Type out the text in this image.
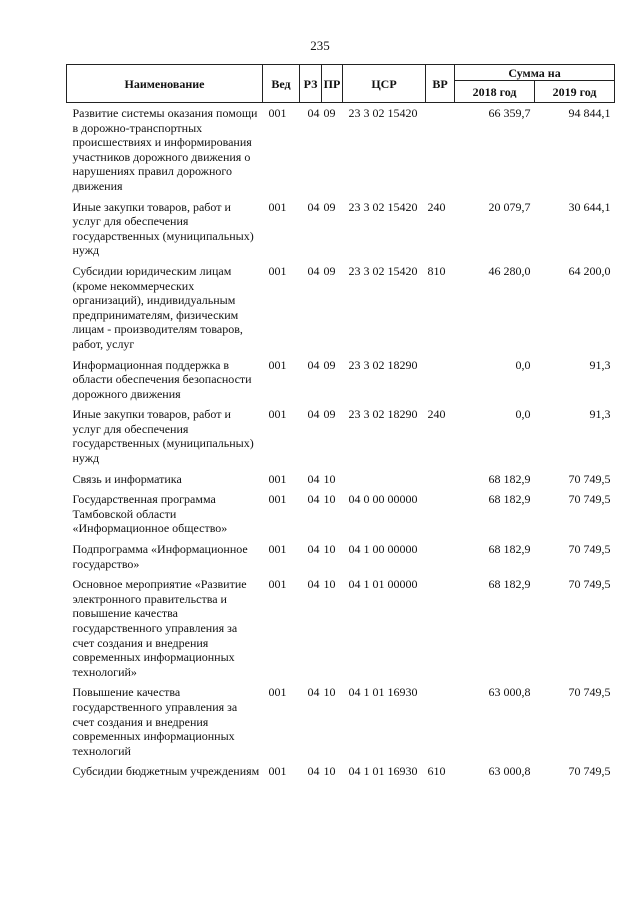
235
Наименование	Вед	РЗ	ПР	ЦСР	ВР	Сумма на	
						2018 год	2019 год
Развитие системы оказания помощи в дорожно-транспортных происшествиях и информирования участников дорожного движения о нарушениях правил дорожного движения	001	04	09	23 3 02 15420		66 359,7	94 844,1
Иные закупки товаров, работ и услуг для обеспечения государственных (муниципальных) нужд	001	04	09	23 3 02 15420	240	20 079,7	30 644,1
Субсидии юридическим лицам (кроме некоммерческих организаций), индивидуальным предпринимателям, физическим лицам - производителям товаров, работ, услуг	001	04	09	23 3 02 15420	810	46 280,0	64 200,0
Информационная поддержка в области обеспечения безопасности дорожного движения	001	04	09	23 3 02 18290		0,0	91,3
Иные закупки товаров, работ и услуг для обеспечения государственных (муниципальных) нужд	001	04	09	23 3 02 18290	240	0,0	91,3
Связь и информатика	001	04	10			68 182,9	70 749,5
Государственная программа Тамбовской области «Информационное общество»	001	04	10	04 0 00 00000		68 182,9	70 749,5
Подпрограмма «Информационное государство»	001	04	10	04 1 00 00000		68 182,9	70 749,5
Основное мероприятие «Развитие электронного правительства и повышение качества государственного управления за счет создания и внедрения современных информационных технологий»	001	04	10	04 1 01 00000		68 182,9	70 749,5
Повышение качества государственного управления за счет создания и внедрения современных информационных технологий	001	04	10	04 1 01 16930		63 000,8	70 749,5
Субсидии бюджетным учреждениям	001	04	10	04 1 01 16930	610	63 000,8	70 749,5
